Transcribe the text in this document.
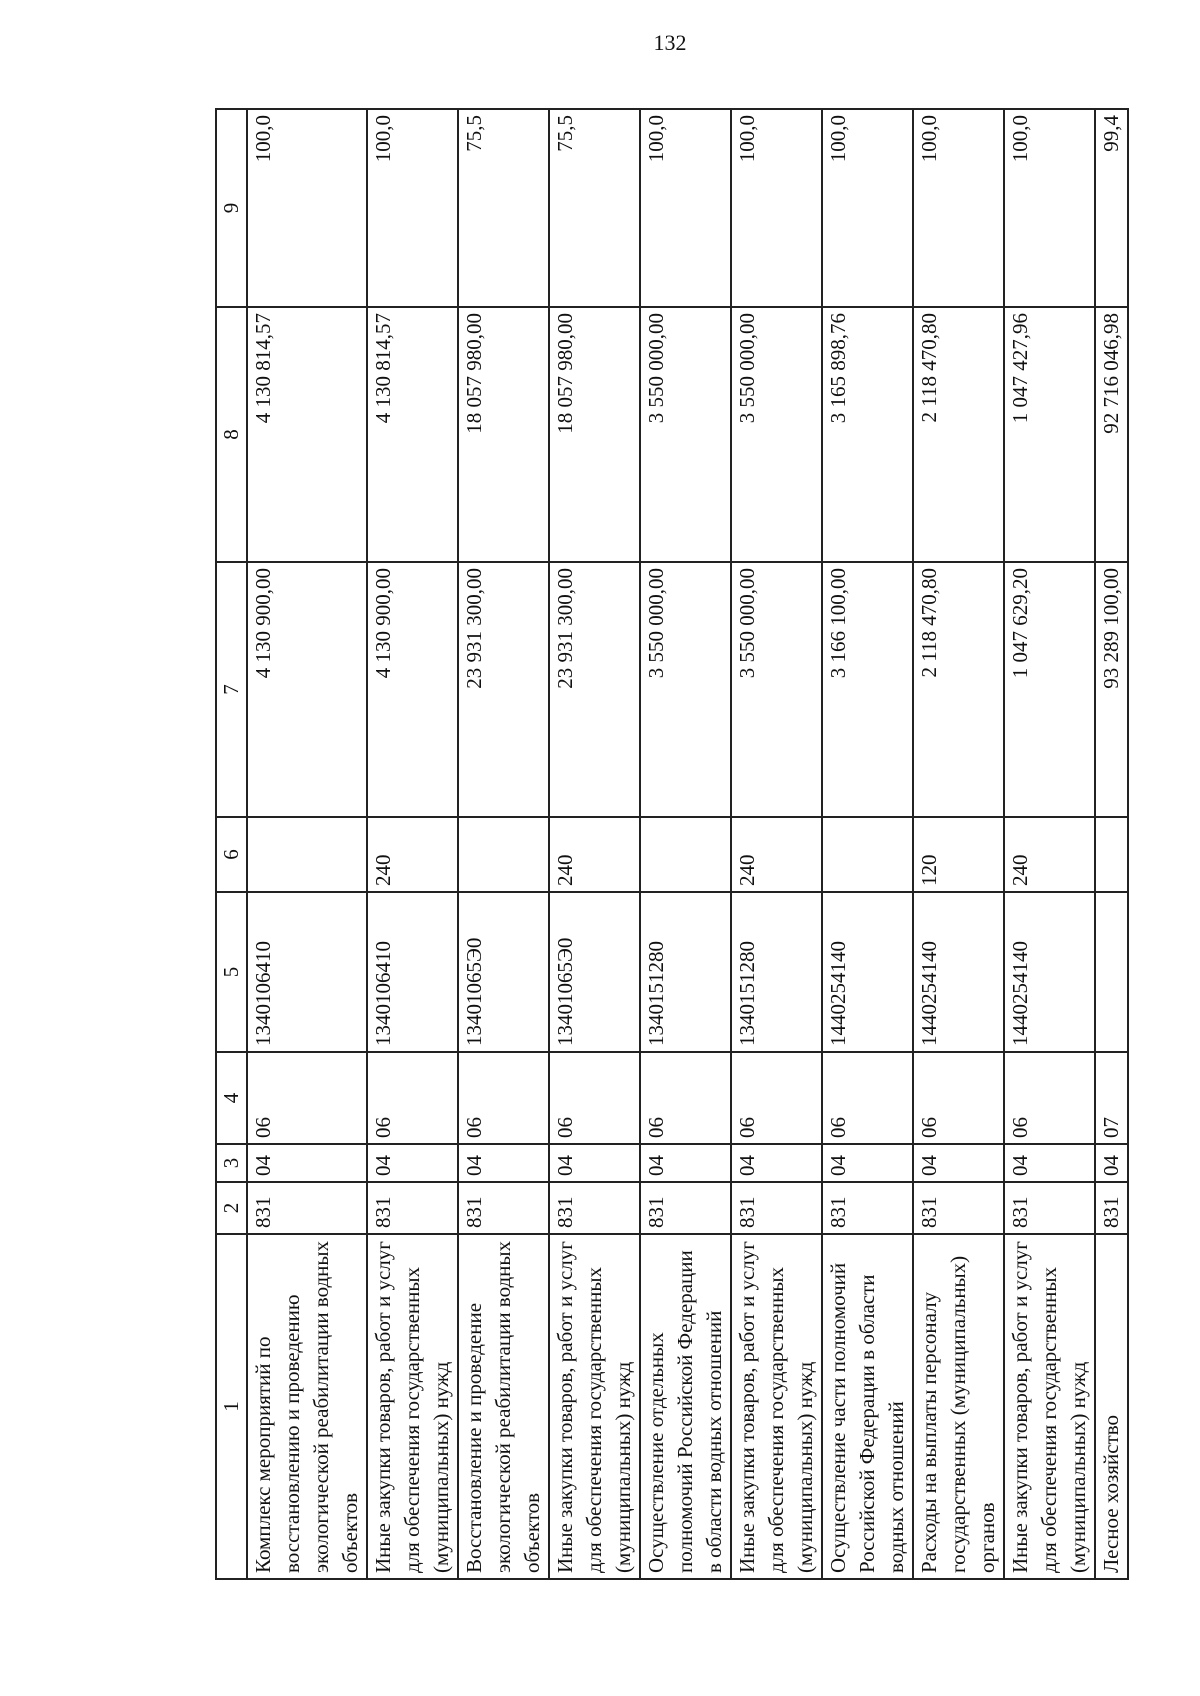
132
1	2	3	4	5	6	7	8	9
Комплекс мероприятий по восстановлению и проведению экологической реабилитации водных объектов	831	04	06	1340106410		4 130 900,00	4 130 814,57	100,0
Иные закупки товаров, работ и услуг для обеспечения государственных (муниципальных) нужд	831	04	06	1340106410	240	4 130 900,00	4 130 814,57	100,0
Восстановление и проведение экологической реабилитации водных объектов	831	04	06	13401065Э0		23 931 300,00	18 057 980,00	75,5
Иные закупки товаров, работ и услуг для обеспечения государственных (муниципальных) нужд	831	04	06	13401065Э0	240	23 931 300,00	18 057 980,00	75,5
Осуществление отдельных полномочий Российской Федерации в области водных отношений	831	04	06	1340151280		3 550 000,00	3 550 000,00	100,0
Иные закупки товаров, работ и услуг для обеспечения государственных (муниципальных) нужд	831	04	06	1340151280	240	3 550 000,00	3 550 000,00	100,0
Осуществление части полномочий Российской Федерации в области водных отношений	831	04	06	1440254140		3 166 100,00	3 165 898,76	100,0
Расходы на выплаты персоналу государственных (муниципальных) органов	831	04	06	1440254140	120	2 118 470,80	2 118 470,80	100,0
Иные закупки товаров, работ и услуг для обеспечения государственных (муниципальных) нужд	831	04	06	1440254140	240	1 047 629,20	1 047 427,96	100,0
Лесное хозяйство	831	04	07			93 289 100,00	92 716 046,98	99,4
